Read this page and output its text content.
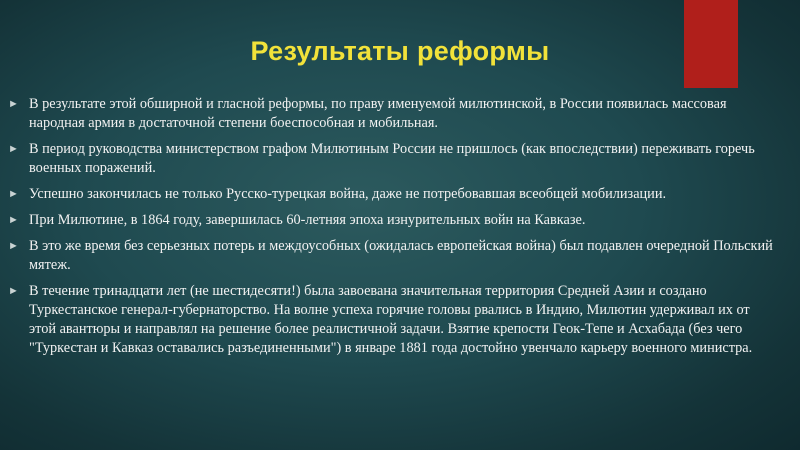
Результаты реформы
► В результате этой обширной и гласной реформы, по праву именуемой милютинской, в России появилась массовая народная армия в достаточной степени боеспособная и мобильная.
► В период руководства министерством графом Милютиным России не пришлось (как впоследствии) переживать горечь военных поражений.
► Успешно закончилась не только Русско-турецкая война, даже не потребовавшая всеобщей мобилизации.
► При Милютине, в 1864 году, завершилась 60-летняя эпоха изнурительных войн на Кавказе.
► В это же время без серьезных потерь и междоусобных (ожидалась европейская война) был подавлен очередной Польский мятеж.
► В течение тринадцати лет (не шестидесяти!) была завоевана значительная территория Средней Азии и создано Туркестанское генерал-губернаторство. На волне успеха горячие головы рвались в Индию, Милютин удерживал их от этой авантюры и направлял на решение более реалистичной задачи. Взятие крепости Геок-Тепе и Асхабада (без чего "Туркестан и Кавказ оставались разъединенными") в январе 1881 года достойно увенчало карьеру военного министра.
